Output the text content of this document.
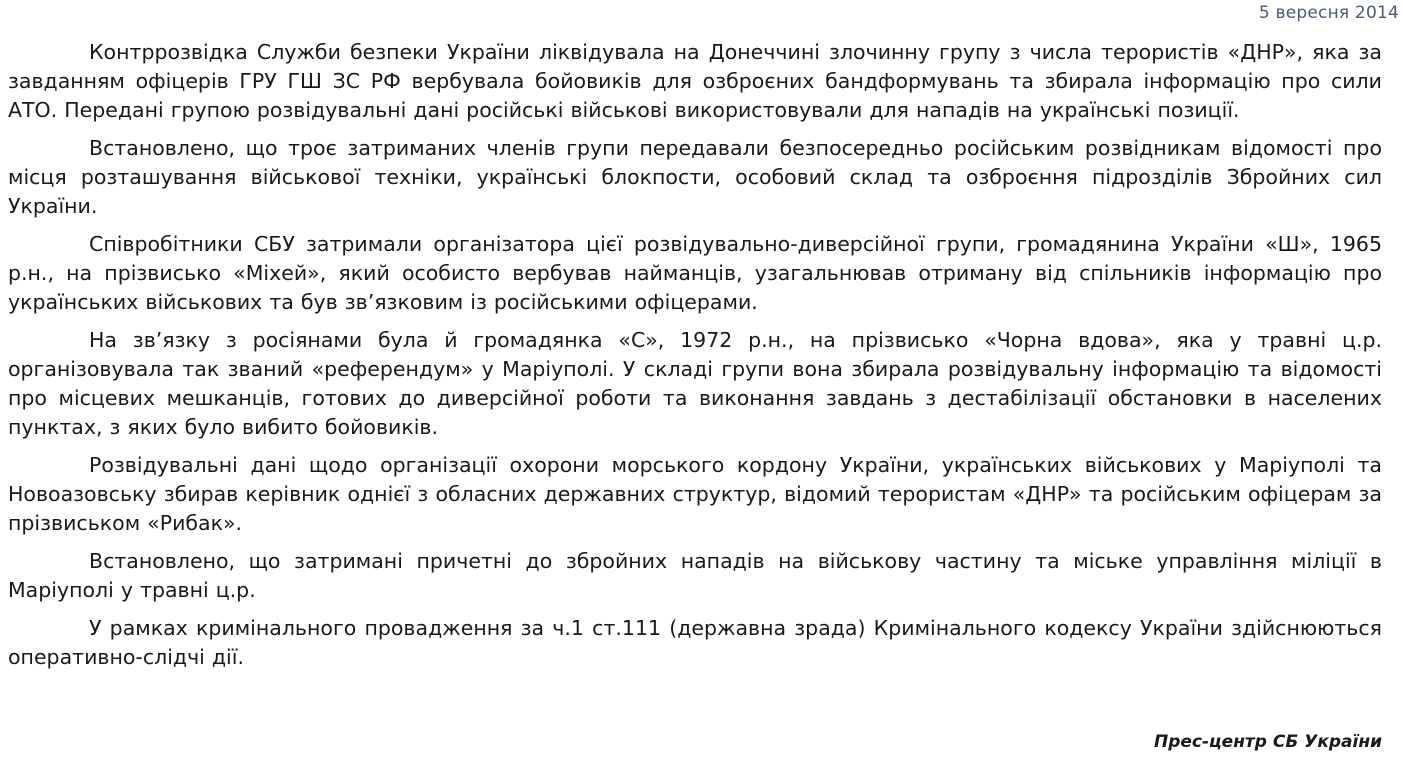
5 вересня 2014

Контррозвідка Служби безпеки України ліквідувала на Донеччині злочинну групу з числа терористів «ДНР», яка за завданням офіцерів ГРУ ГШ ЗС РФ вербувала бойовиків для озброєних бандформувань та збирала інформацію про сили АТО. Передані групою розвідувальні дані російські військові використовували для нападів на українські позиції.

Встановлено, що троє затриманих членів групи передавали безпосередньо російським розвідникам відомості про місця розташування військової техніки, українські блокпости, особовий склад та озброєння підрозділів Збройних сил України.

Співробітники СБУ затримали організатора цієї розвідувально-диверсійної групи, громадянина України «Ш», 1965 р.н., на прізвисько «Міхей», який особисто вербував найманців, узагальнював отриману від спільників інформацію про українських військових та був зв’язковим із російськими офіцерами.

На зв’язку з росіянами була й громадянка «С», 1972 р.н., на прізвисько «Чорна вдова», яка у травні ц.р. організовувала так званий «референдум» у Маріуполі. У складі групи вона збирала розвідувальну інформацію та відомості про місцевих мешканців, готових до диверсійної роботи та виконання завдань з дестабілізації обстановки в населених пунктах, з яких було вибито бойовиків.

Розвідувальні дані щодо організації охорони морського кордону України, українських військових у Маріуполі та Новоазовську збирав керівник однієї з обласних державних структур, відомий терористам «ДНР» та російським офіцерам за прізвиськом «Рибак».

Встановлено, що затримані причетні до збройних нападів на військову частину та міське управління міліції в Маріуполі у травні ц.р.

У рамках кримінального провадження за ч.1 ст.111 (державна зрада) Кримінального кодексу України здійснюються оперативно-слідчі дії.

Прес-центр СБ України
